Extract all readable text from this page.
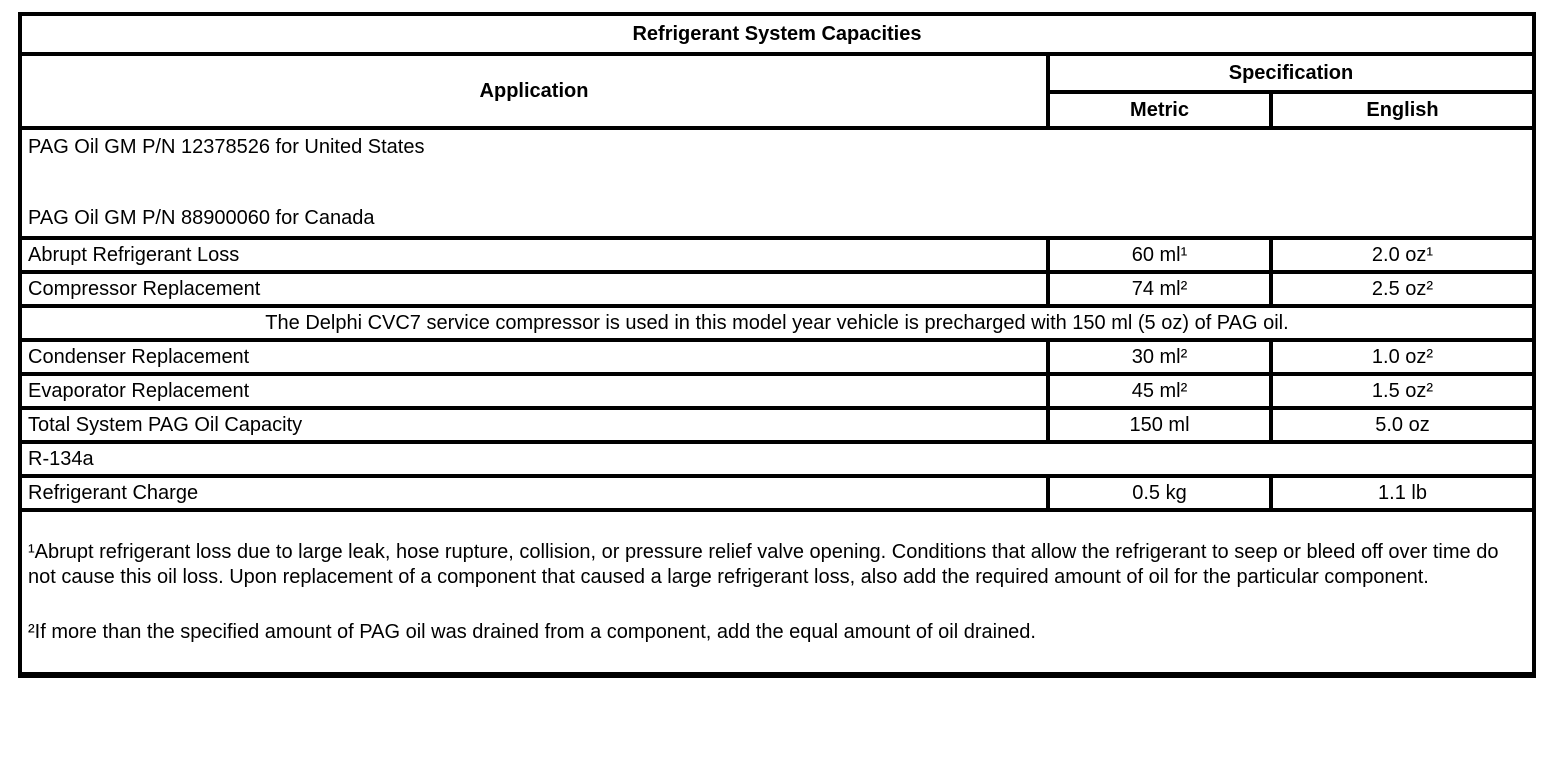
Refrigerant System Capacities		
Application	Specification	
	Metric	English

PAG Oil GM P/N 12378526 for United States
PAG Oil GM P/N 88900060 for Canada		

Abrupt Refrigerant Loss	60 ml¹	2.0 oz¹
Compressor Replacement	74 ml²	2.5 oz²
The Delphi CVC7 service compressor is used in this model year vehicle is precharged with 150 ml (5 oz) of PAG oil.		
Condenser Replacement	30 ml²	1.0 oz²
Evaporator Replacement	45 ml²	1.5 oz²
Total System PAG Oil Capacity	150 ml	5.0 oz
R-134a		
Refrigerant Charge	0.5 kg	1.1 lb

¹Abrupt refrigerant loss due to large leak, hose rupture, collision, or pressure relief valve opening. Conditions that allow the refrigerant to seep or bleed off over time do not cause this oil loss. Upon replacement of a component that caused a large refrigerant loss, also add the required amount of oil for the particular component.
²If more than the specified amount of PAG oil was drained from a component, add the equal amount of oil drained.		
